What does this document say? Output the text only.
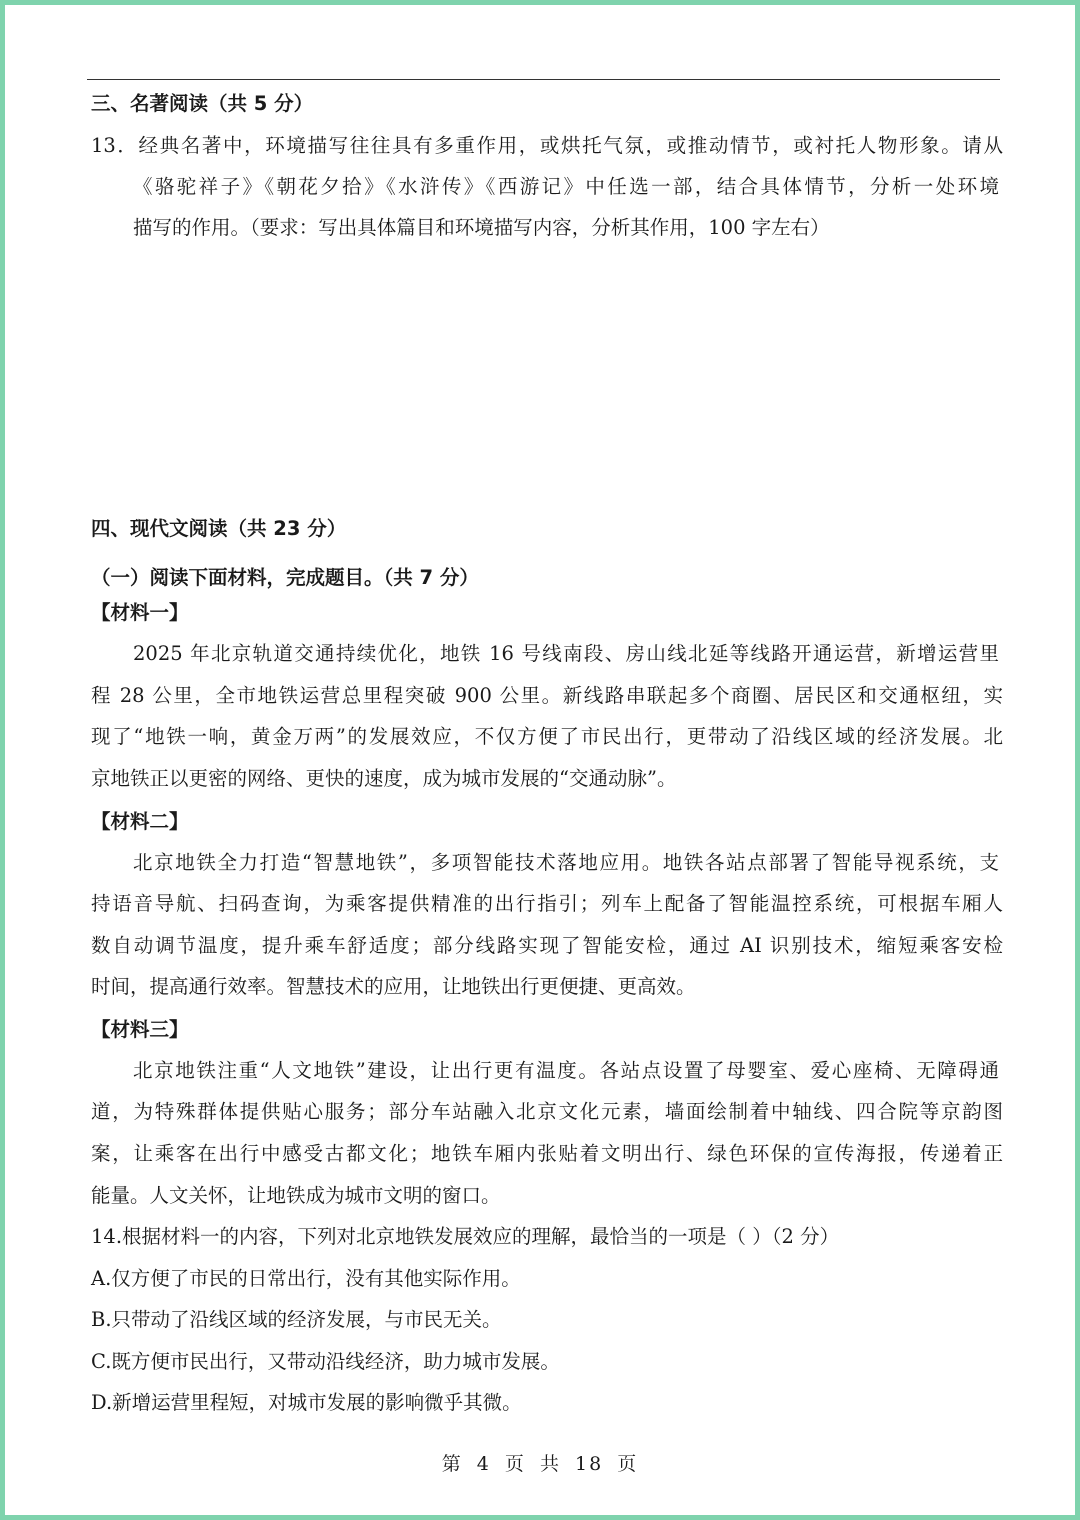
三、名著阅读（共 5 分）
13．经典名著中，环境描写往往具有多重作用，或烘托气氛，或推动情节，或衬托人物形象。请从
《骆驼祥子》《朝花夕拾》《水浒传》《西游记》中任选一部，结合具体情节，分析一处环境
描写的作用。（要求：写出具体篇目和环境描写内容，分析其作用，100 字左右）
四、现代文阅读（共 23 分）
（一）阅读下面材料，完成题目。（共 7 分）
【材料一】
2025 年北京轨道交通持续优化，地铁 16 号线南段、房山线北延等线路开通运营，新增运营里
程 28 公里，全市地铁运营总里程突破 900 公里。新线路串联起多个商圈、居民区和交通枢纽，实
现了“地铁一响，黄金万两”的发展效应，不仅方便了市民出行，更带动了沿线区域的经济发展。北
京地铁正以更密的网络、更快的速度，成为城市发展的“交通动脉”。
【材料二】
北京地铁全力打造“智慧地铁”，多项智能技术落地应用。地铁各站点部署了智能导视系统，支
持语音导航、扫码查询，为乘客提供精准的出行指引；列车上配备了智能温控系统，可根据车厢人
数自动调节温度，提升乘车舒适度；部分线路实现了智能安检，通过 AI 识别技术，缩短乘客安检
时间，提高通行效率。智慧技术的应用，让地铁出行更便捷、更高效。
【材料三】
北京地铁注重“人文地铁”建设，让出行更有温度。各站点设置了母婴室、爱心座椅、无障碍通
道，为特殊群体提供贴心服务；部分车站融入北京文化元素，墙面绘制着中轴线、四合院等京韵图
案，让乘客在出行中感受古都文化；地铁车厢内张贴着文明出行、绿色环保的宣传海报，传递着正
能量。人文关怀，让地铁成为城市文明的窗口。
14.根据材料一的内容，下列对北京地铁发展效应的理解，最恰当的一项是（ ）（2 分）
A.仅方便了市民的日常出行，没有其他实际作用。
B.只带动了沿线区域的经济发展，与市民无关。
C.既方便市民出行，又带动沿线经济，助力城市发展。
D.新增运营里程短，对城市发展的影响微乎其微。
第 4 页 共 18 页
